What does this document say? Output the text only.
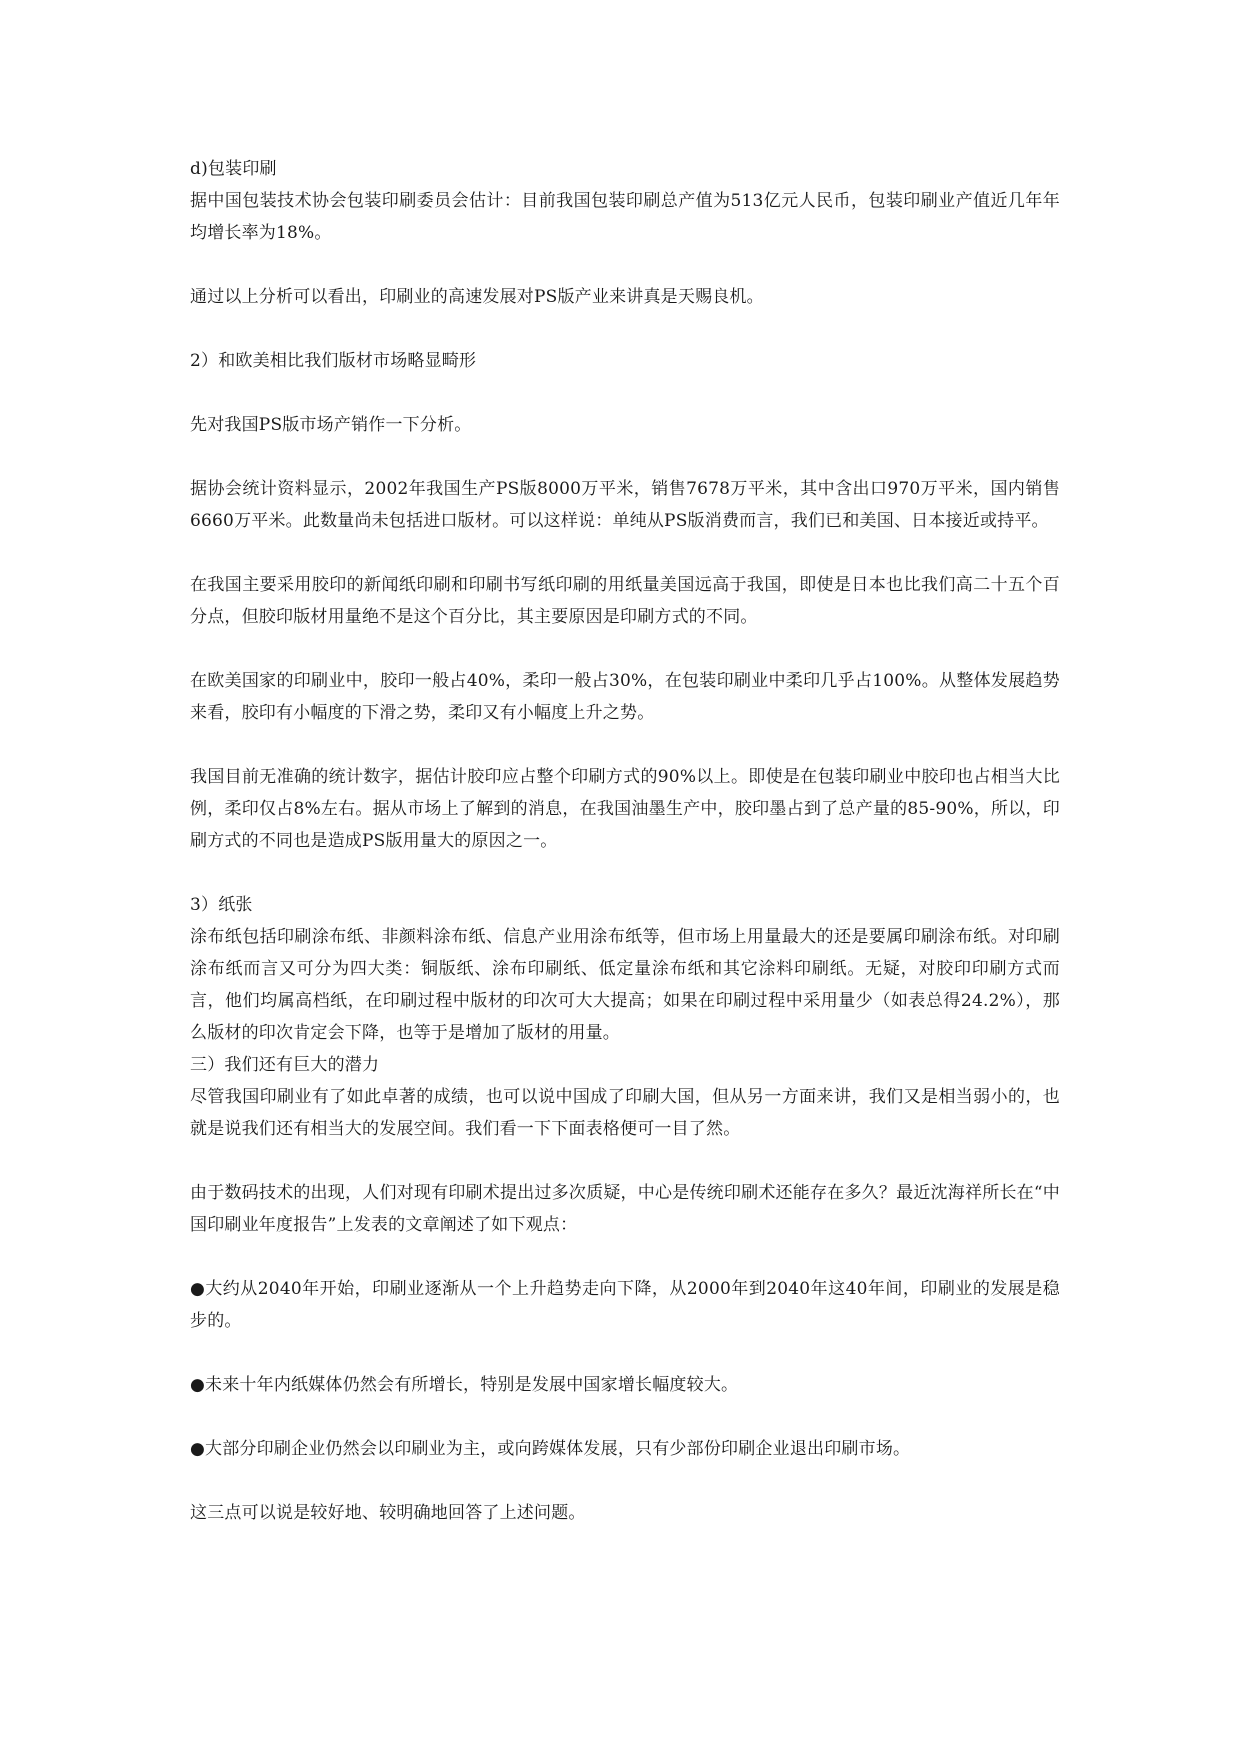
d)包装印刷

据中国包装技术协会包装印刷委员会估计：目前我国包装印刷总产值为513亿元人民币，包装印刷业产值近几年年均增长率为18%。

通过以上分析可以看出，印刷业的高速发展对PS版产业来讲真是天赐良机。

2）和欧美相比我们版材市场略显畸形

先对我国PS版市场产销作一下分析。

据协会统计资料显示，2002年我国生产PS版8000万平米，销售7678万平米，其中含出口970万平米，国内销售6660万平米。此数量尚未包括进口版材。可以这样说：单纯从PS版消费而言，我们已和美国、日本接近或持平。

在我国主要采用胶印的新闻纸印刷和印刷书写纸印刷的用纸量美国远高于我国，即使是日本也比我们高二十五个百分点，但胶印版材用量绝不是这个百分比，其主要原因是印刷方式的不同。

在欧美国家的印刷业中，胶印一般占40%，柔印一般占30%，在包装印刷业中柔印几乎占100%。从整体发展趋势来看，胶印有小幅度的下滑之势，柔印又有小幅度上升之势。

我国目前无准确的统计数字，据估计胶印应占整个印刷方式的90%以上。即使是在包装印刷业中胶印也占相当大比例，柔印仅占8%左右。据从市场上了解到的消息，在我国油墨生产中，胶印墨占到了总产量的85-90%，所以，印刷方式的不同也是造成PS版用量大的原因之一。

3）纸张

涂布纸包括印刷涂布纸、非颜料涂布纸、信息产业用涂布纸等，但市场上用量最大的还是要属印刷涂布纸。对印刷涂布纸而言又可分为四大类：铜版纸、涂布印刷纸、低定量涂布纸和其它涂料印刷纸。无疑，对胶印印刷方式而言，他们均属高档纸，在印刷过程中版材的印次可大大提高；如果在印刷过程中采用量少（如表总得24.2%），那么版材的印次肯定会下降，也等于是增加了版材的用量。

三）我们还有巨大的潜力

尽管我国印刷业有了如此卓著的成绩，也可以说中国成了印刷大国，但从另一方面来讲，我们又是相当弱小的，也就是说我们还有相当大的发展空间。我们看一下下面表格便可一目了然。

由于数码技术的出现，人们对现有印刷术提出过多次质疑，中心是传统印刷术还能存在多久？最近沈海祥所长在“中国印刷业年度报告”上发表的文章阐述了如下观点：

●大约从2040年开始，印刷业逐渐从一个上升趋势走向下降，从2000年到2040年这40年间，印刷业的发展是稳步的。

●未来十年内纸媒体仍然会有所增长，特别是发展中国家增长幅度较大。

●大部分印刷企业仍然会以印刷业为主，或向跨媒体发展，只有少部份印刷企业退出印刷市场。

这三点可以说是较好地、较明确地回答了上述问题。
